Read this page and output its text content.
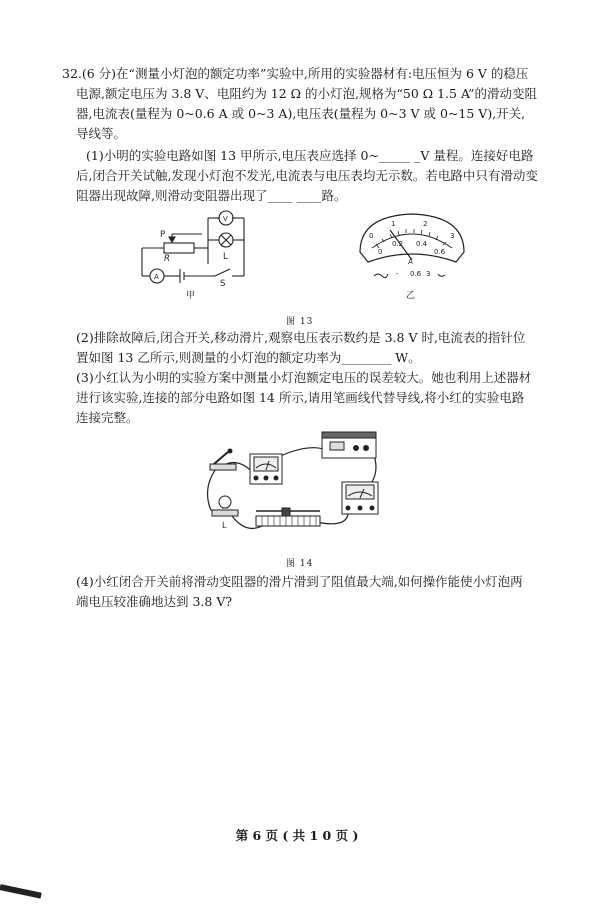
32.(6 分)在“测量小灯泡的额定功率”实验中,所用的实验器材有:电压恒为 6 V 的稳压
电源,额定电压为 3.8 V、电阻约为 12 Ω 的小灯泡,规格为“50 Ω 1.5 A”的滑动变阻
器,电流表(量程为 0~0.6 A 或 0~3 A),电压表(量程为 0~3 V 或 0~15 V),开关,
导线等。
(1)小明的实验电路如图 13 甲所示,电压表应选择 0~_____ _V 量程。连接好电路
后,闭合开关试触,发现小灯泡不发光,电流表与电压表均无示数。若电路中只有滑动变
阻器出现故障,则滑动变阻器出现了____ ____路。
P
R
V
L
A
S
甲
0
1	2
3
0
0.2 0.4
0.6
A
- 0.6 3
乙
图 13
(2)排除故障后,闭合开关,移动滑片,观察电压表示数约是 3.8 V 时,电流表的指针位
置如图 13 乙所示,则测量的小灯泡的额定功率为________ W。
(3)小红认为小明的实验方案中测量小灯泡额定电压的误差较大。她也利用上述器材
进行该实验,连接的部分电路如图 14 所示,请用笔画线代替导线,将小红的实验电路
连接完整。
L
图 14
(4)小红闭合开关前将滑动变阻器的滑片滑到了阻值最大端,如何操作能使小灯泡两
端电压较准确地达到 3.8 V?
第 6 页 ( 共 1 0 页 )
